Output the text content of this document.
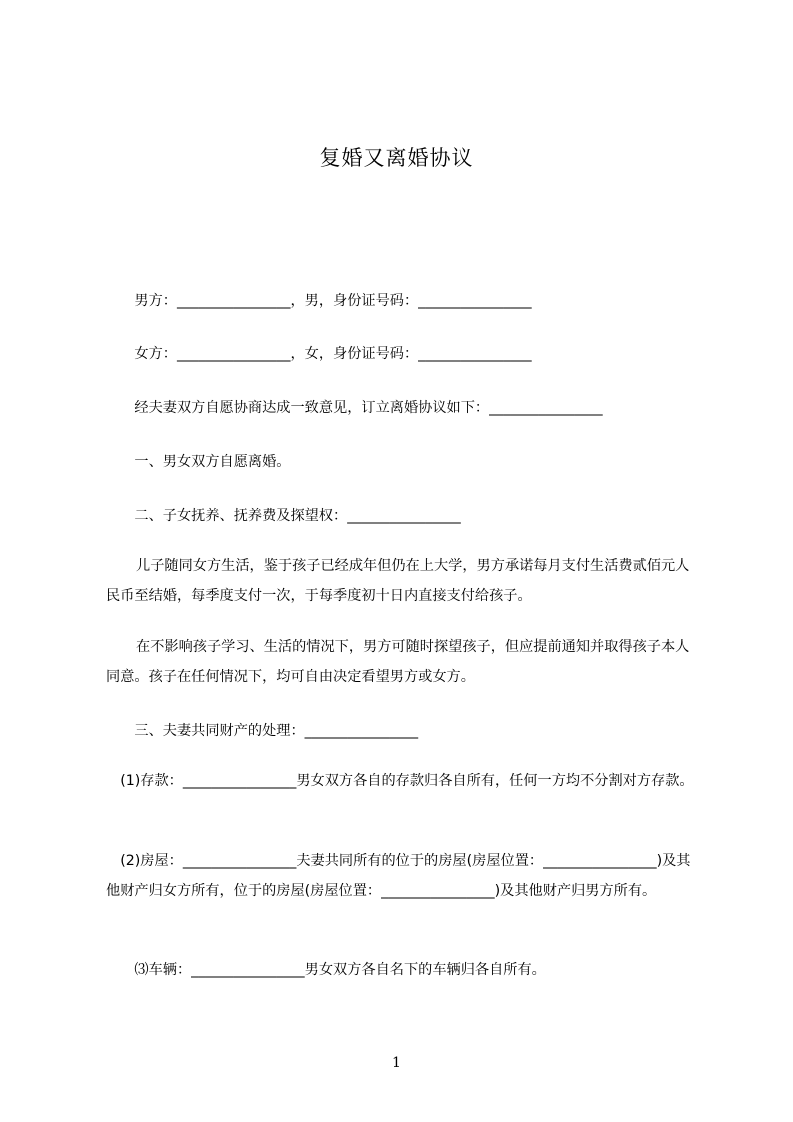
复婚又离婚协议
　　男方：________________，男，身份证号码：________________
　　女方：________________，女，身份证号码：________________
　　经夫妻双方自愿协商达成一致意见，订立离婚协议如下：________________
　　一、男女双方自愿离婚。
　　二、子女抚养、抚养费及探望权：________________
儿子随同女方生活，鉴于孩子已经成年但仍在上大学，男方承诺每月支付生活费贰佰元人民币至结婚，每季度支付一次，于每季度初十日内直接支付给孩子。
在不影响孩子学习、生活的情况下，男方可随时探望孩子，但应提前通知并取得孩子本人同意。孩子在任何情况下，均可自由决定看望男方或女方。
　　三、夫妻共同财产的处理：________________
　(1)存款：________________男女双方各自的存款归各自所有，任何一方均不分割对方存款。
　(2)房屋：________________夫妻共同所有的位于的房屋(房屋位置：________________)及其他财产归女方所有，位于的房屋(房屋位置：________________)及其他财产归男方所有。
　　⑶车辆：________________男女双方各自名下的车辆归各自所有。
1
